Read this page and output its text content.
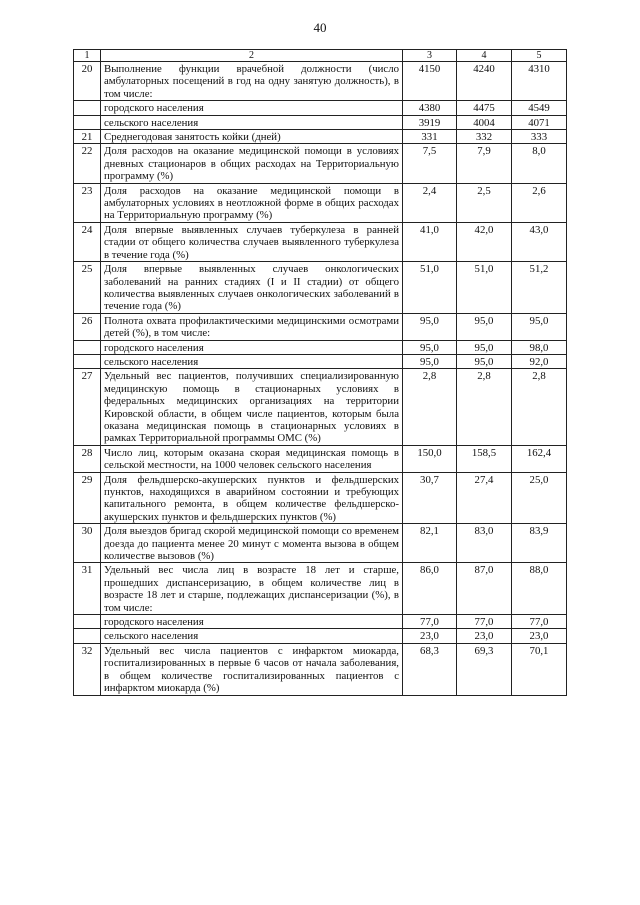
40
1	2	3	4	5
20	Выполнение функции врачебной должности (число амбулаторных посещений в год на одну занятую должность), в том числе:	4150	4240	4310
	городского населения	4380	4475	4549
	сельского населения	3919	4004	4071
21	Среднегодовая занятость койки (дней)	331	332	333
22	Доля расходов на оказание медицинской помощи в условиях дневных стационаров в общих расходах на Территориальную программу (%)	7,5	7,9	8,0
23	Доля расходов на оказание медицинской помощи в амбулаторных условиях в неотложной форме в общих расходах на Территориальную программу (%)	2,4	2,5	2,6
24	Доля впервые выявленных случаев туберкулеза в ранней стадии от общего количества случаев выявленного туберкулеза в течение года (%)	41,0	42,0	43,0
25	Доля впервые выявленных случаев онкологических заболеваний на ранних стадиях (I и II стадии) от общего количества выявленных случаев онкологических заболеваний в течение года (%)	51,0	51,0	51,2
26	Полнота охвата профилактическими медицинскими осмотрами детей (%), в том числе:	95,0	95,0	95,0
	городского населения	95,0	95,0	98,0
	сельского населения	95,0	95,0	92,0
27	Удельный вес пациентов, получивших специализированную медицинскую помощь в стационарных условиях в федеральных медицинских организациях на территории Кировской области, в общем числе пациентов, которым была оказана медицинская помощь в стационарных условиях в рамках Территориальной программы ОМС (%)	2,8	2,8	2,8
28	Число лиц, которым оказана скорая медицинская помощь в сельской местности, на 1000 человек сельского населения	150,0	158,5	162,4
29	Доля фельдшерско-акушерских пунктов и фельдшерских пунктов, находящихся в аварийном состоянии и требующих капитального ремонта, в общем количестве фельдшерско-акушерских пунктов и фельдшерских пунктов (%)	30,7	27,4	25,0
30	Доля выездов бригад скорой медицинской помощи со временем доезда до пациента менее 20 минут с момента вызова в общем количестве вызовов (%)	82,1	83,0	83,9
31	Удельный вес числа лиц в возрасте 18 лет и старше, прошедших диспансеризацию, в общем количестве лиц в возрасте 18 лет и старше, подлежащих диспансеризации (%), в том числе:	86,0	87,0	88,0
	городского населения	77,0	77,0	77,0
	сельского населения	23,0	23,0	23,0
32	Удельный вес числа пациентов с инфарктом миокарда, госпитализированных в первые 6 часов от начала заболевания, в общем количестве госпитализированных пациентов с инфарктом миокарда (%)	68,3	69,3	70,1
